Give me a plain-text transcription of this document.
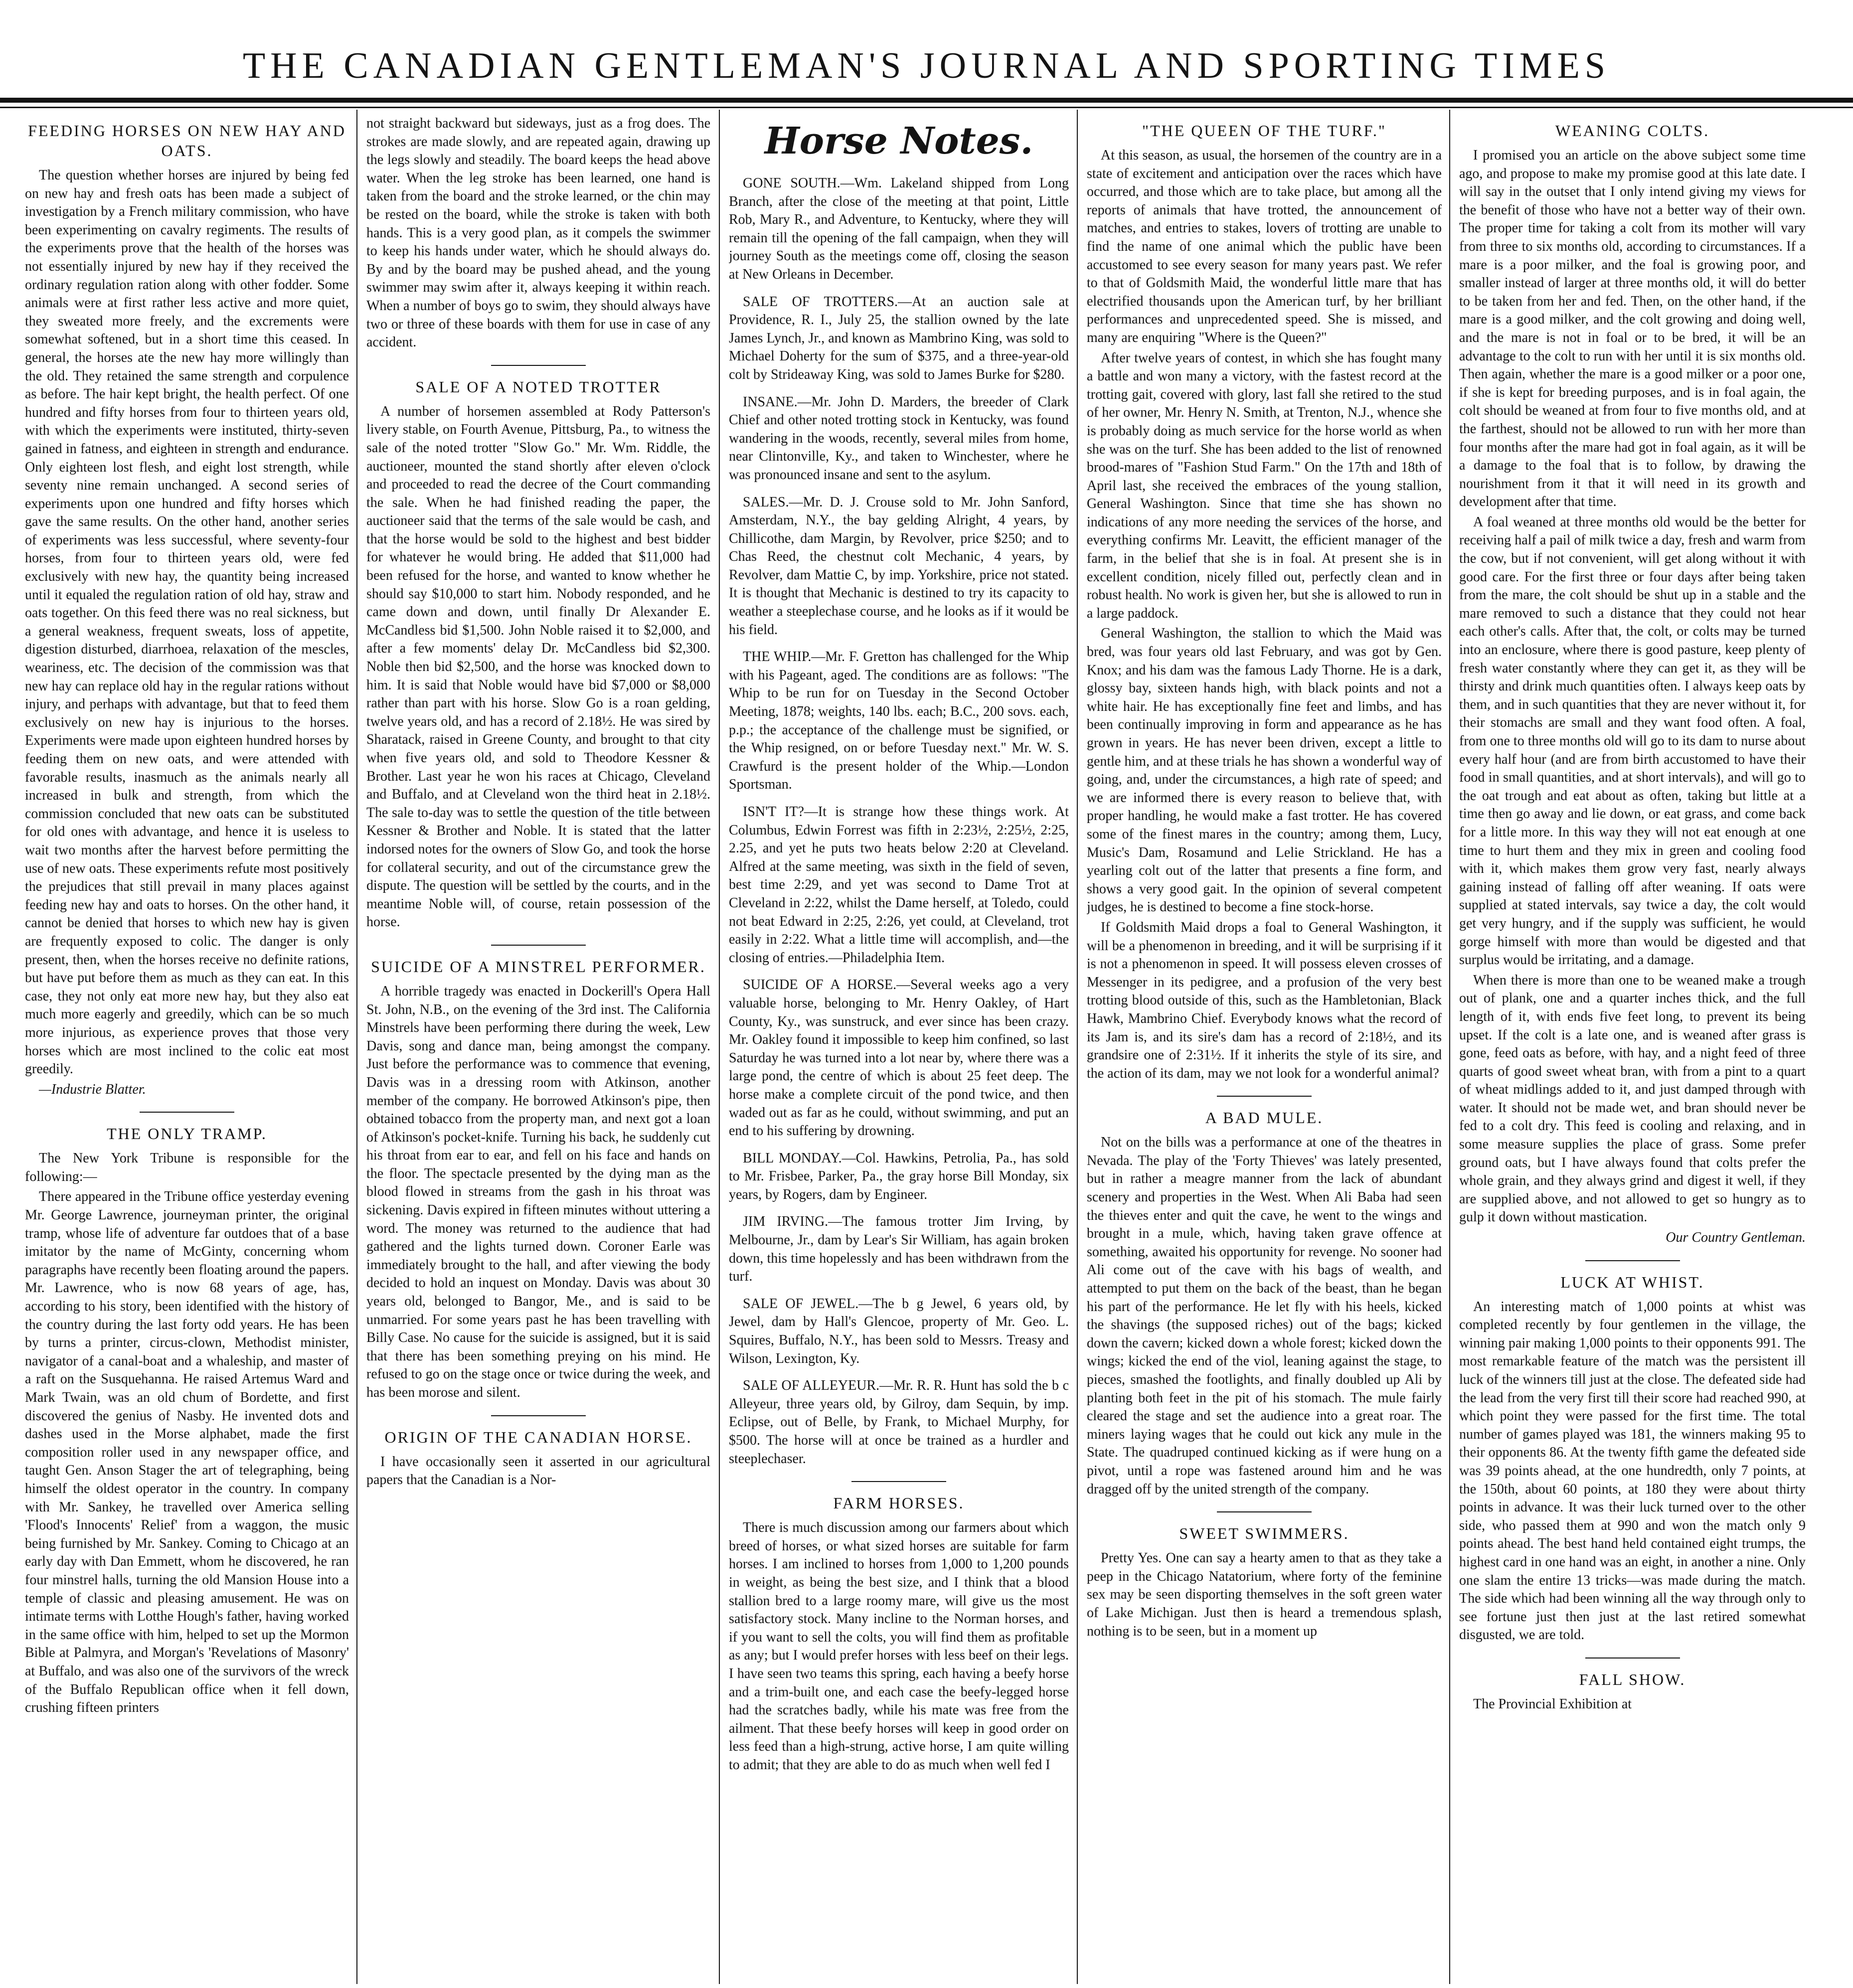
THE CANADIAN GENTLEMAN'S JOURNAL AND SPORTING TIMES
FEEDING HORSES ON NEW HAY AND OATS.

The question whether horses are injured by being fed on new hay and fresh oats has been made a subject of investigation by a French military commission, who have been experimenting on cavalry regiments. The results of the experiments prove that the health of the horses was not essentially injured by new hay if they received the ordinary regulation ration along with other fodder. Some animals were at first rather less active and more quiet, they sweated more freely, and the excrements were somewhat softened, but in a short time this ceased. In general, the horses ate the new hay more willingly than the old. They retained the same strength and corpulence as before. The hair kept bright, the health perfect. Of one hundred and fifty horses from four to thirteen years old, with which the experiments were instituted, thirty-seven gained in fatness, and eighteen in strength and endurance. Only eighteen lost flesh, and eight lost strength, while seventy nine remain unchanged. A second series of experiments upon one hundred and fifty horses which gave the same results. On the other hand, another series of experiments was less successful, where seventy-four horses, from four to thirteen years old, were fed exclusively with new hay, the quantity being increased until it equaled the regulation ration of old hay, straw and oats together. On this feed there was no real sickness, but a general weakness, frequent sweats, loss of appetite, digestion disturbed, diarrhoea, relaxation of the mescles, weariness, etc. The decision of the commission was that new hay can replace old hay in the regular rations without injury, and perhaps with advantage, but that to feed them exclusively on new hay is injurious to the horses. Experiments were made upon eighteen hundred horses by feeding them on new oats, and were attended with favorable results, inasmuch as the animals nearly all increased in bulk and strength, from which the commission concluded that new oats can be substituted for old ones with advantage, and hence it is useless to wait two months after the harvest before permitting the use of new oats. These experiments refute most positively the prejudices that still prevail in many places against feeding new hay and oats to horses. On the other hand, it cannot be denied that horses to which new hay is given are frequently exposed to colic. The danger is only present, then, when the horses receive no definite rations, but have put before them as much as they can eat. In this case, they not only eat more new hay, but they also eat much more eagerly and greedily, which can be so much more injurious, as experience proves that those very horses which are most inclined to the colic eat most greedily.

—Industrie Blatter.

THE ONLY TRAMP.

The New York Tribune is responsible for the following:—

There appeared in the Tribune office yesterday evening Mr. George Lawrence, journeyman printer, the original tramp, whose life of adventure far outdoes that of a base imitator by the name of McGinty, concerning whom paragraphs have recently been floating around the papers. Mr. Lawrence, who is now 68 years of age, has, according to his story, been identified with the history of the country during the last forty odd years. He has been by turns a printer, circus-clown, Methodist minister, navigator of a canal-boat and a whaleship, and master of a raft on the Susquehanna. He raised Artemus Ward and Mark Twain, was an old chum of Bordette, and first discovered the genius of Nasby. He invented dots and dashes used in the Morse alphabet, made the first composition roller used in any newspaper office, and taught Gen. Anson Stager the art of telegraphing, being himself the oldest operator in the country. In company with Mr. Sankey, he travelled over America selling 'Flood's Innocents' Relief' from a waggon, the music being furnished by Mr. Sankey. Coming to Chicago at an early day with Dan Emmett, whom he discovered, he ran four minstrel halls, turning the old Mansion House into a temple of classic and pleasing amusement. He was on intimate terms with Lotthe Hough's father, having worked in the same office with him, helped to set up the Mormon Bible at Palmyra, and Morgan's 'Revelations of Masonry' at Buffalo, and was also one of the survivors of the wreck of the Buffalo Republican office when it fell down, crushing fifteen printers

not straight backward but sideways, just as a frog does. The strokes are made slowly, and are repeated again, drawing up the legs slowly and steadily. The board keeps the head above water. When the leg stroke has been learned, one hand is taken from the board and the stroke learned, or the chin may be rested on the board, while the stroke is taken with both hands. This is a very good plan, as it compels the swimmer to keep his hands under water, which he should always do. By and by the board may be pushed ahead, and the young swimmer may swim after it, always keeping it within reach. When a number of boys go to swim, they should always have two or three of these boards with them for use in case of any accident.

SALE OF A NOTED TROTTER

A number of horsemen assembled at Rody Patterson's livery stable, on Fourth Avenue, Pittsburg, Pa., to witness the sale of the noted trotter "Slow Go." Mr. Wm. Riddle, the auctioneer, mounted the stand shortly after eleven o'clock and proceeded to read the decree of the Court commanding the sale. When he had finished reading the paper, the auctioneer said that the terms of the sale would be cash, and that the horse would be sold to the highest and best bidder for whatever he would bring. He added that $11,000 had been refused for the horse, and wanted to know whether he should say $10,000 to start him. Nobody responded, and he came down and down, until finally Dr Alexander E. McCandless bid $1,500. John Noble raised it to $2,000, and after a few moments' delay Dr. McCandless bid $2,300. Noble then bid $2,500, and the horse was knocked down to him. It is said that Noble would have bid $7,000 or $8,000 rather than part with his horse. Slow Go is a roan gelding, twelve years old, and has a record of 2.18½. He was sired by Sharatack, raised in Greene County, and brought to that city when five years old, and sold to Theodore Kessner & Brother. Last year he won his races at Chicago, Cleveland and Buffalo, and at Cleveland won the third heat in 2.18½. The sale to-day was to settle the question of the title between Kessner & Brother and Noble. It is stated that the latter indorsed notes for the owners of Slow Go, and took the horse for collateral security, and out of the circumstance grew the dispute. The question will be settled by the courts, and in the meantime Noble will, of course, retain possession of the horse.

SUICIDE OF A MINSTREL PERFORMER.

A horrible tragedy was enacted in Dockerill's Opera Hall St. John, N.B., on the evening of the 3rd inst. The California Minstrels have been performing there during the week, Lew Davis, song and dance man, being amongst the company. Just before the performance was to commence that evening, Davis was in a dressing room with Atkinson, another member of the company. He borrowed Atkinson's pipe, then obtained tobacco from the property man, and next got a loan of Atkinson's pocket-knife. Turning his back, he suddenly cut his throat from ear to ear, and fell on his face and hands on the floor. The spectacle presented by the dying man as the blood flowed in streams from the gash in his throat was sickening. Davis expired in fifteen minutes without uttering a word. The money was returned to the audience that had gathered and the lights turned down. Coroner Earle was immediately brought to the hall, and after viewing the body decided to hold an inquest on Monday. Davis was about 30 years old, belonged to Bangor, Me., and is said to be unmarried. For some years past he has been travelling with Billy Case. No cause for the suicide is assigned, but it is said that there has been something preying on his mind. He refused to go on the stage once or twice during the week, and has been morose and silent.

ORIGIN OF THE CANADIAN HORSE.

I have occasionally seen it asserted in our agricultural papers that the Canadian is a Nor-

Horse Notes.

GONE SOUTH.—Wm. Lakeland shipped from Long Branch, after the close of the meeting at that point, Little Rob, Mary R., and Adventure, to Kentucky, where they will remain till the opening of the fall campaign, when they will journey South as the meetings come off, closing the season at New Orleans in December.

SALE OF TROTTERS.—At an auction sale at Providence, R. I., July 25, the stallion owned by the late James Lynch, Jr., and known as Mambrino King, was sold to Michael Doherty for the sum of $375, and a three-year-old colt by Strideaway King, was sold to James Burke for $280.

INSANE.—Mr. John D. Marders, the breeder of Clark Chief and other noted trotting stock in Kentucky, was found wandering in the woods, recently, several miles from home, near Clintonville, Ky., and taken to Winchester, where he was pronounced insane and sent to the asylum.

SALES.—Mr. D. J. Crouse sold to Mr. John Sanford, Amsterdam, N.Y., the bay gelding Alright, 4 years, by Chillicothe, dam Margin, by Revolver, price $250; and to Chas Reed, the chestnut colt Mechanic, 4 years, by Revolver, dam Mattie C, by imp. Yorkshire, price not stated. It is thought that Mechanic is destined to try its capacity to weather a steeplechase course, and he looks as if it would be his field.

THE WHIP.—Mr. F. Gretton has challenged for the Whip with his Pageant, aged. The conditions are as follows: "The Whip to be run for on Tuesday in the Second October Meeting, 1878; weights, 140 lbs. each; B.C., 200 sovs. each, p.p.; the acceptance of the challenge must be signified, or the Whip resigned, on or before Tuesday next." Mr. W. S. Crawfurd is the present holder of the Whip.—London Sportsman.

ISN'T IT?—It is strange how these things work. At Columbus, Edwin Forrest was fifth in 2:23½, 2:25½, 2:25, 2.25, and yet he puts two heats below 2:20 at Cleveland. Alfred at the same meeting, was sixth in the field of seven, best time 2:29, and yet was second to Dame Trot at Cleveland in 2:22, whilst the Dame herself, at Toledo, could not beat Edward in 2:25, 2:26, yet could, at Cleveland, trot easily in 2:22. What a little time will accomplish, and—the closing of entries.—Philadelphia Item.

SUICIDE OF A HORSE.—Several weeks ago a very valuable horse, belonging to Mr. Henry Oakley, of Hart County, Ky., was sunstruck, and ever since has been crazy. Mr. Oakley found it impossible to keep him confined, so last Saturday he was turned into a lot near by, where there was a large pond, the centre of which is about 25 feet deep. The horse make a complete circuit of the pond twice, and then waded out as far as he could, without swimming, and put an end to his suffering by drowning.

BILL MONDAY.—Col. Hawkins, Petrolia, Pa., has sold to Mr. Frisbee, Parker, Pa., the gray horse Bill Monday, six years, by Rogers, dam by Engineer.

JIM IRVING.—The famous trotter Jim Irving, by Melbourne, Jr., dam by Lear's Sir William, has again broken down, this time hopelessly and has been withdrawn from the turf.

SALE OF JEWEL.—The b g Jewel, 6 years old, by Jewel, dam by Hall's Glencoe, property of Mr. Geo. L. Squires, Buffalo, N.Y., has been sold to Messrs. Treasy and Wilson, Lexington, Ky.

SALE OF ALLEYEUR.—Mr. R. R. Hunt has sold the b c Alleyeur, three years old, by Gilroy, dam Sequin, by imp. Eclipse, out of Belle, by Frank, to Michael Murphy, for $500. The horse will at once be trained as a hurdler and steeplechaser.

FARM HORSES.

There is much discussion among our farmers about which breed of horses, or what sized horses are suitable for farm horses. I am inclined to horses from 1,000 to 1,200 pounds in weight, as being the best size, and I think that a blood stallion bred to a large roomy mare, will give us the most satisfactory stock. Many incline to the Norman horses, and if you want to sell the colts, you will find them as profitable as any; but I would prefer horses with less beef on their legs. I have seen two teams this spring, each having a beefy horse and a trim-built one, and each case the beefy-legged horse had the scratches badly, while his mate was free from the ailment. That these beefy horses will keep in good order on less feed than a high-strung, active horse, I am quite willing to admit; that they are able to do as much when well fed I

"THE QUEEN OF THE TURF."

At this season, as usual, the horsemen of the country are in a state of excitement and anticipation over the races which have occurred, and those which are to take place, but among all the reports of animals that have trotted, the announcement of matches, and entries to stakes, lovers of trotting are unable to find the name of one animal which the public have been accustomed to see every season for many years past. We refer to that of Goldsmith Maid, the wonderful little mare that has electrified thousands upon the American turf, by her brilliant performances and unprecedented speed. She is missed, and many are enquiring "Where is the Queen?"

After twelve years of contest, in which she has fought many a battle and won many a victory, with the fastest record at the trotting gait, covered with glory, last fall she retired to the stud of her owner, Mr. Henry N. Smith, at Trenton, N.J., whence she is probably doing as much service for the horse world as when she was on the turf. She has been added to the list of renowned brood-mares of "Fashion Stud Farm." On the 17th and 18th of April last, she received the embraces of the young stallion, General Washington. Since that time she has shown no indications of any more needing the services of the horse, and everything confirms Mr. Leavitt, the efficient manager of the farm, in the belief that she is in foal. At present she is in excellent condition, nicely filled out, perfectly clean and in robust health. No work is given her, but she is allowed to run in a large paddock.

General Washington, the stallion to which the Maid was bred, was four years old last February, and was got by Gen. Knox; and his dam was the famous Lady Thorne. He is a dark, glossy bay, sixteen hands high, with black points and not a white hair. He has exceptionally fine feet and limbs, and has been continually improving in form and appearance as he has grown in years. He has never been driven, except a little to gentle him, and at these trials he has shown a wonderful way of going, and, under the circumstances, a high rate of speed; and we are informed there is every reason to believe that, with proper handling, he would make a fast trotter. He has covered some of the finest mares in the country; among them, Lucy, Music's Dam, Rosamund and Lelie Strickland. He has a yearling colt out of the latter that presents a fine form, and shows a very good gait. In the opinion of several competent judges, he is destined to become a fine stock-horse.

If Goldsmith Maid drops a foal to General Washington, it will be a phenomenon in breeding, and it will be surprising if it is not a phenomenon in speed. It will possess eleven crosses of Messenger in its pedigree, and a profusion of the very best trotting blood outside of this, such as the Hambletonian, Black Hawk, Mambrino Chief. Everybody knows what the record of its Jam is, and its sire's dam has a record of 2:18½, and its grandsire one of 2:31½. If it inherits the style of its sire, and the action of its dam, may we not look for a wonderful animal?

A BAD MULE.

Not on the bills was a performance at one of the theatres in Nevada. The play of the 'Forty Thieves' was lately presented, but in rather a meagre manner from the lack of abundant scenery and properties in the West. When Ali Baba had seen the thieves enter and quit the cave, he went to the wings and brought in a mule, which, having taken grave offence at something, awaited his opportunity for revenge. No sooner had Ali come out of the cave with his bags of wealth, and attempted to put them on the back of the beast, than he began his part of the performance. He let fly with his heels, kicked the shavings (the supposed riches) out of the bags; kicked down the cavern; kicked down a whole forest; kicked down the wings; kicked the end of the viol, leaning against the stage, to pieces, smashed the footlights, and finally doubled up Ali by planting both feet in the pit of his stomach. The mule fairly cleared the stage and set the audience into a great roar. The miners laying wages that he could out kick any mule in the State. The quadruped continued kicking as if were hung on a pivot, until a rope was fastened around him and he was dragged off by the united strength of the company.

SWEET SWIMMERS.

Pretty Yes. One can say a hearty amen to that as they take a peep in the Chicago Natatorium, where forty of the feminine sex may be seen disporting themselves in the soft green water of Lake Michigan. Just then is heard a tremendous splash, nothing is to be seen, but in a moment up

WEANING COLTS.

I promised you an article on the above subject some time ago, and propose to make my promise good at this late date. I will say in the outset that I only intend giving my views for the benefit of those who have not a better way of their own. The proper time for taking a colt from its mother will vary from three to six months old, according to circumstances. If a mare is a poor milker, and the foal is growing poor, and smaller instead of larger at three months old, it will do better to be taken from her and fed. Then, on the other hand, if the mare is a good milker, and the colt growing and doing well, and the mare is not in foal or to be bred, it will be an advantage to the colt to run with her until it is six months old. Then again, whether the mare is a good milker or a poor one, if she is kept for breeding purposes, and is in foal again, the colt should be weaned at from four to five months old, and at the farthest, should not be allowed to run with her more than four months after the mare had got in foal again, as it will be a damage to the foal that is to follow, by drawing the nourishment from it that it will need in its growth and development after that time.

A foal weaned at three months old would be the better for receiving half a pail of milk twice a day, fresh and warm from the cow, but if not convenient, will get along without it with good care. For the first three or four days after being taken from the mare, the colt should be shut up in a stable and the mare removed to such a distance that they could not hear each other's calls. After that, the colt, or colts may be turned into an enclosure, where there is good pasture, keep plenty of fresh water constantly where they can get it, as they will be thirsty and drink much quantities often. I always keep oats by them, and in such quantities that they are never without it, for their stomachs are small and they want food often. A foal, from one to three months old will go to its dam to nurse about every half hour (and are from birth accustomed to have their food in small quantities, and at short intervals), and will go to the oat trough and eat about as often, taking but little at a time then go away and lie down, or eat grass, and come back for a little more. In this way they will not eat enough at one time to hurt them and they mix in green and cooling food with it, which makes them grow very fast, nearly always gaining instead of falling off after weaning. If oats were supplied at stated intervals, say twice a day, the colt would get very hungry, and if the supply was sufficient, he would gorge himself with more than would be digested and that surplus would be irritating, and a damage.

When there is more than one to be weaned make a trough out of plank, one and a quarter inches thick, and the full length of it, with ends five feet long, to prevent its being upset. If the colt is a late one, and is weaned after grass is gone, feed oats as before, with hay, and a night feed of three quarts of good sweet wheat bran, with from a pint to a quart of wheat midlings added to it, and just damped through with water. It should not be made wet, and bran should never be fed to a colt dry. This feed is cooling and relaxing, and in some measure supplies the place of grass. Some prefer ground oats, but I have always found that colts prefer the whole grain, and they always grind and digest it well, if they are supplied above, and not allowed to get so hungry as to gulp it down without mastication.

Our Country Gentleman.

LUCK AT WHIST.

An interesting match of 1,000 points at whist was completed recently by four gentlemen in the village, the winning pair making 1,000 points to their opponents 991. The most remarkable feature of the match was the persistent ill luck of the winners till just at the close. The defeated side had the lead from the very first till their score had reached 990, at which point they were passed for the first time. The total number of games played was 181, the winners making 95 to their opponents 86. At the twenty fifth game the defeated side was 39 points ahead, at the one hundredth, only 7 points, at the 150th, about 60 points, at 180 they were about thirty points in advance. It was their luck turned over to the other side, who passed them at 990 and won the match only 9 points ahead. The best hand held contained eight trumps, the highest card in one hand was an eight, in another a nine. Only one slam the entire 13 tricks—was made during the match. The side which had been winning all the way through only to see fortune just then just at the last retired somewhat disgusted, we are told.

FALL SHOW.

The Provincial Exhibition at
